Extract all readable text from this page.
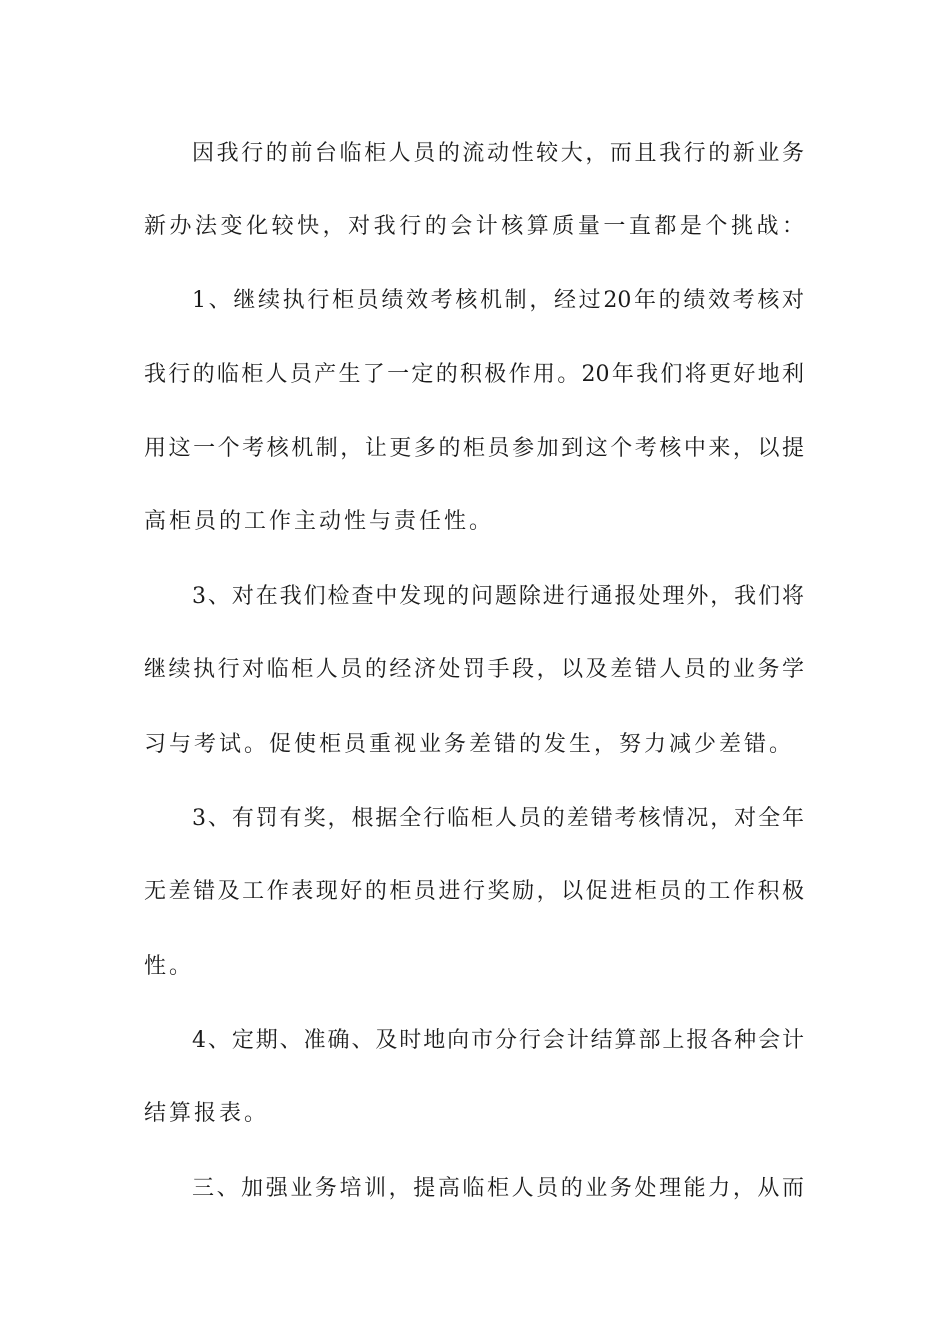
因我行的前台临柜人员的流动性较大，而且我行的新业务
新办法变化较快，对我行的会计核算质量一直都是个挑战：
1、继续执行柜员绩效考核机制，经过20年的绩效考核对
我行的临柜人员产生了一定的积极作用。20年我们将更好地利
用这一个考核机制，让更多的柜员参加到这个考核中来，以提
高柜员的工作主动性与责任性。
3、对在我们检查中发现的问题除进行通报处理外，我们将
继续执行对临柜人员的经济处罚手段，以及差错人员的业务学
习与考试。促使柜员重视业务差错的发生，努力减少差错。
3、有罚有奖，根据全行临柜人员的差错考核情况，对全年
无差错及工作表现好的柜员进行奖励，以促进柜员的工作积极
性。
4、定期、准确、及时地向市分行会计结算部上报各种会计
结算报表。
三、加强业务培训，提高临柜人员的业务处理能力，从而
